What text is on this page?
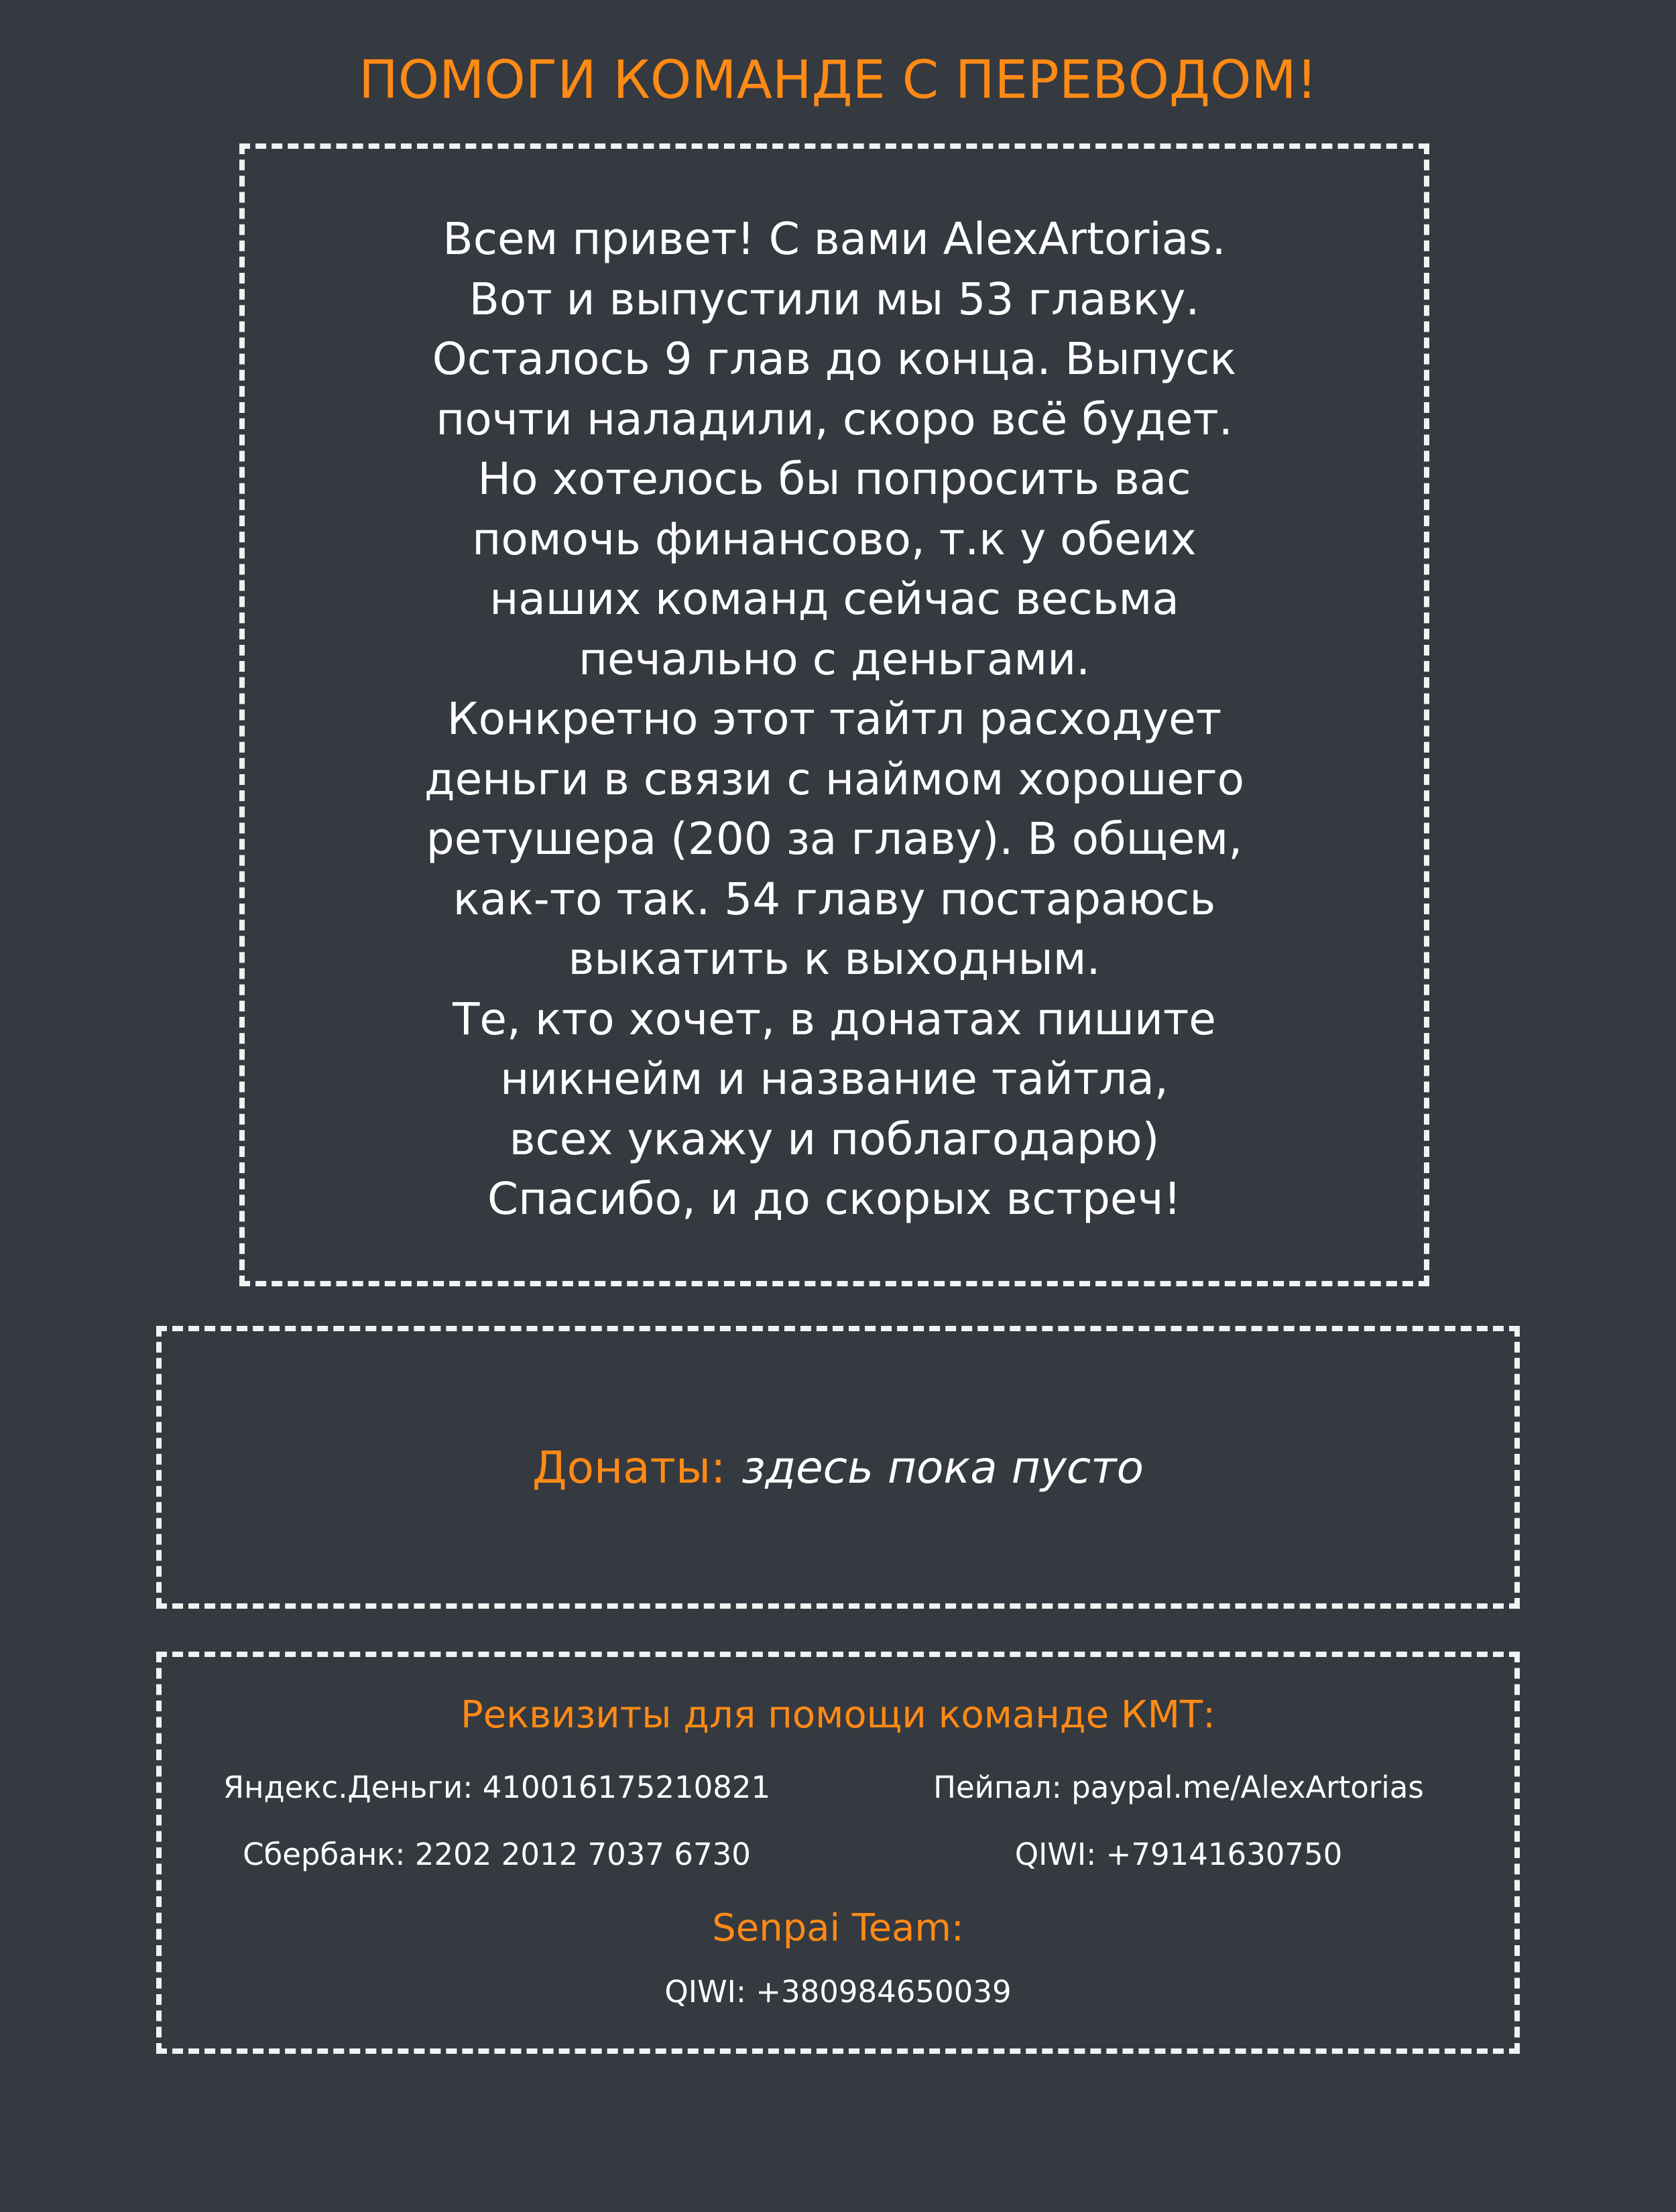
ПОМОГИ КОМАНДЕ С ПЕРЕВОДОМ!
Всем привет! С вами AlexArtorias.
Вот и выпустили мы 53 главку.
Осталось 9 глав до конца. Выпуск
почти наладили, скоро всё будет.
Но хотелось бы попросить вас
помочь финансово, т.к у обеих
наших команд сейчас весьма
печально с деньгами.
Конкретно этот тайтл расходует
деньги в связи с наймом хорошего
ретушера (200 за главу). В общем,
как-то так. 54 главу постараюсь
выкатить к выходным.
Те, кто хочет, в донатах пишите
никнейм и название тайтла,
всех укажу и поблагодарю)
Спасибо, и до скорых встреч!
Донаты: здесь пока пусто
Реквизиты для помощи команде КМТ:
Яндекс.Деньги: 410016175210821	Пейпал: paypal.me/AlexArtorias
Сбербанк: 2202 2012 7037 6730	QIWI: +79141630750
Senpai Team:
QIWI: +380984650039
